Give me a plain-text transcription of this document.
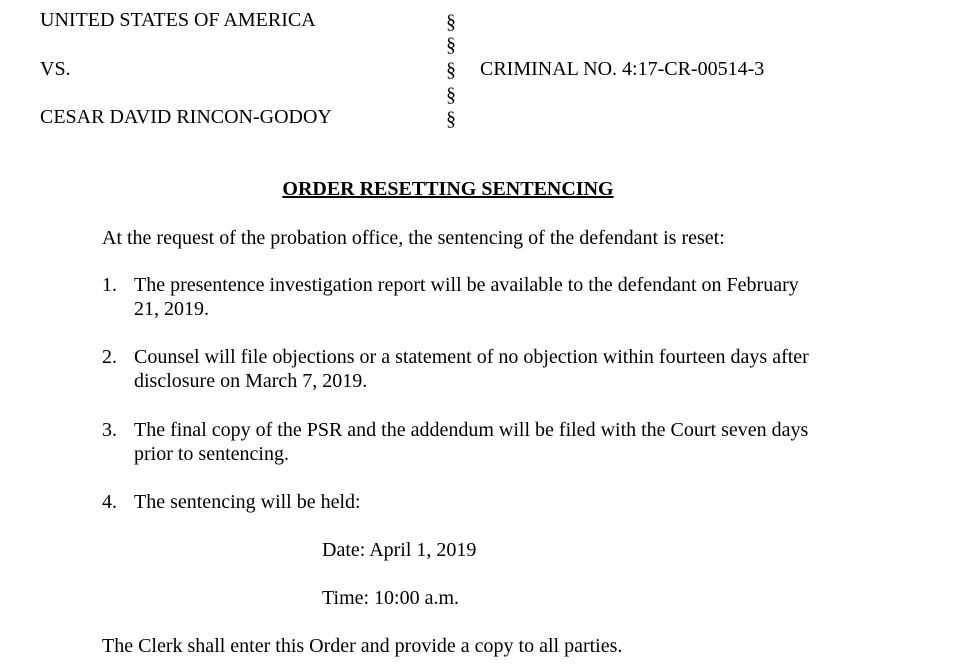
UNITED STATES OF AMERICA
VS.
CESAR DAVID RINCON-GODOY
§
§
§
§
§
CRIMINAL NO. 4:17-CR-00514-3
ORDER RESETTING SENTENCING
At the request of the probation office, the sentencing of the defendant is reset:
1. The presentence investigation report will be available to the defendant on February
21, 2019.
2. Counsel will file objections or a statement of no objection within fourteen days after
disclosure on March 7, 2019.
3. The final copy of the PSR and the addendum will be filed with the Court seven days
prior to sentencing.
4. The sentencing will be held:
Date: April 1, 2019
Time: 10:00 a.m.
The Clerk shall enter this Order and provide a copy to all parties.
